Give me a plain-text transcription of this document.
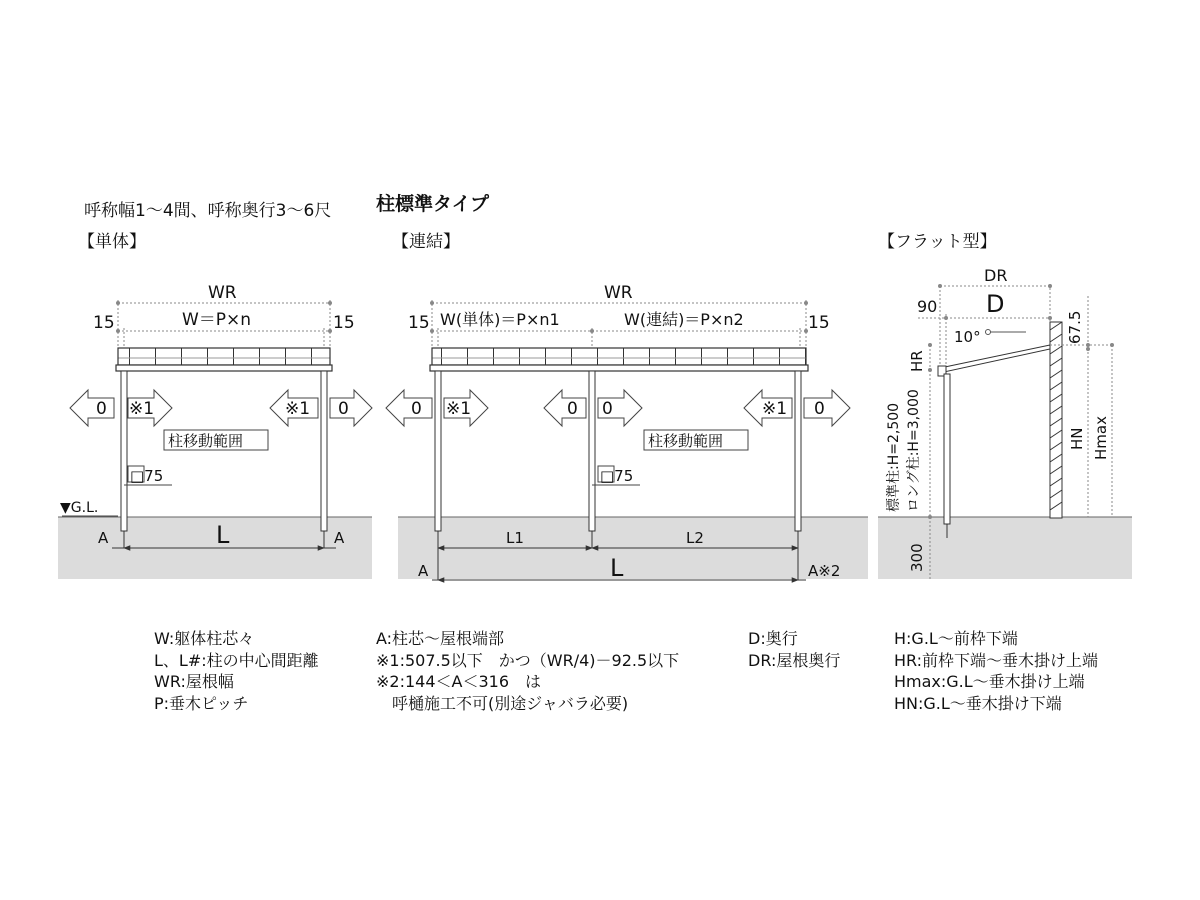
呼称幅1～4間、呼称奥行3～6尺 柱標準タイプ
【単体】	【連結】	【フラット型】
WR
W＝P×n
15	15
0 ※1	※1 0
柱移動範囲
□75
▼G.L.
A	A
L
WR
15 W(単体)＝P×n1	W(連結)＝P×n2	15
0 ※1	0 0	※1 0
柱移動範囲
□75
L1	L2
A	L	A※2
DR
90 D
10°	67.5
HR
標準柱:H=2,500 ロング柱:H=3,000	HN Hmax
300
W:躯体柱芯々
L、L#:柱の中心間距離
WR:屋根幅
P:垂木ピッチ
A:柱芯～屋根端部
※1:507.5以下　かつ（WR/4)－92.5以下
※2:144＜A＜316　は
　呼樋施工不可(別途ジャバラ必要)
D:奥行
DR:屋根奥行
H:G.L～前枠下端
HR:前枠下端～垂木掛け上端
Hmax:G.L～垂木掛け上端
HN:G.L～垂木掛け下端
